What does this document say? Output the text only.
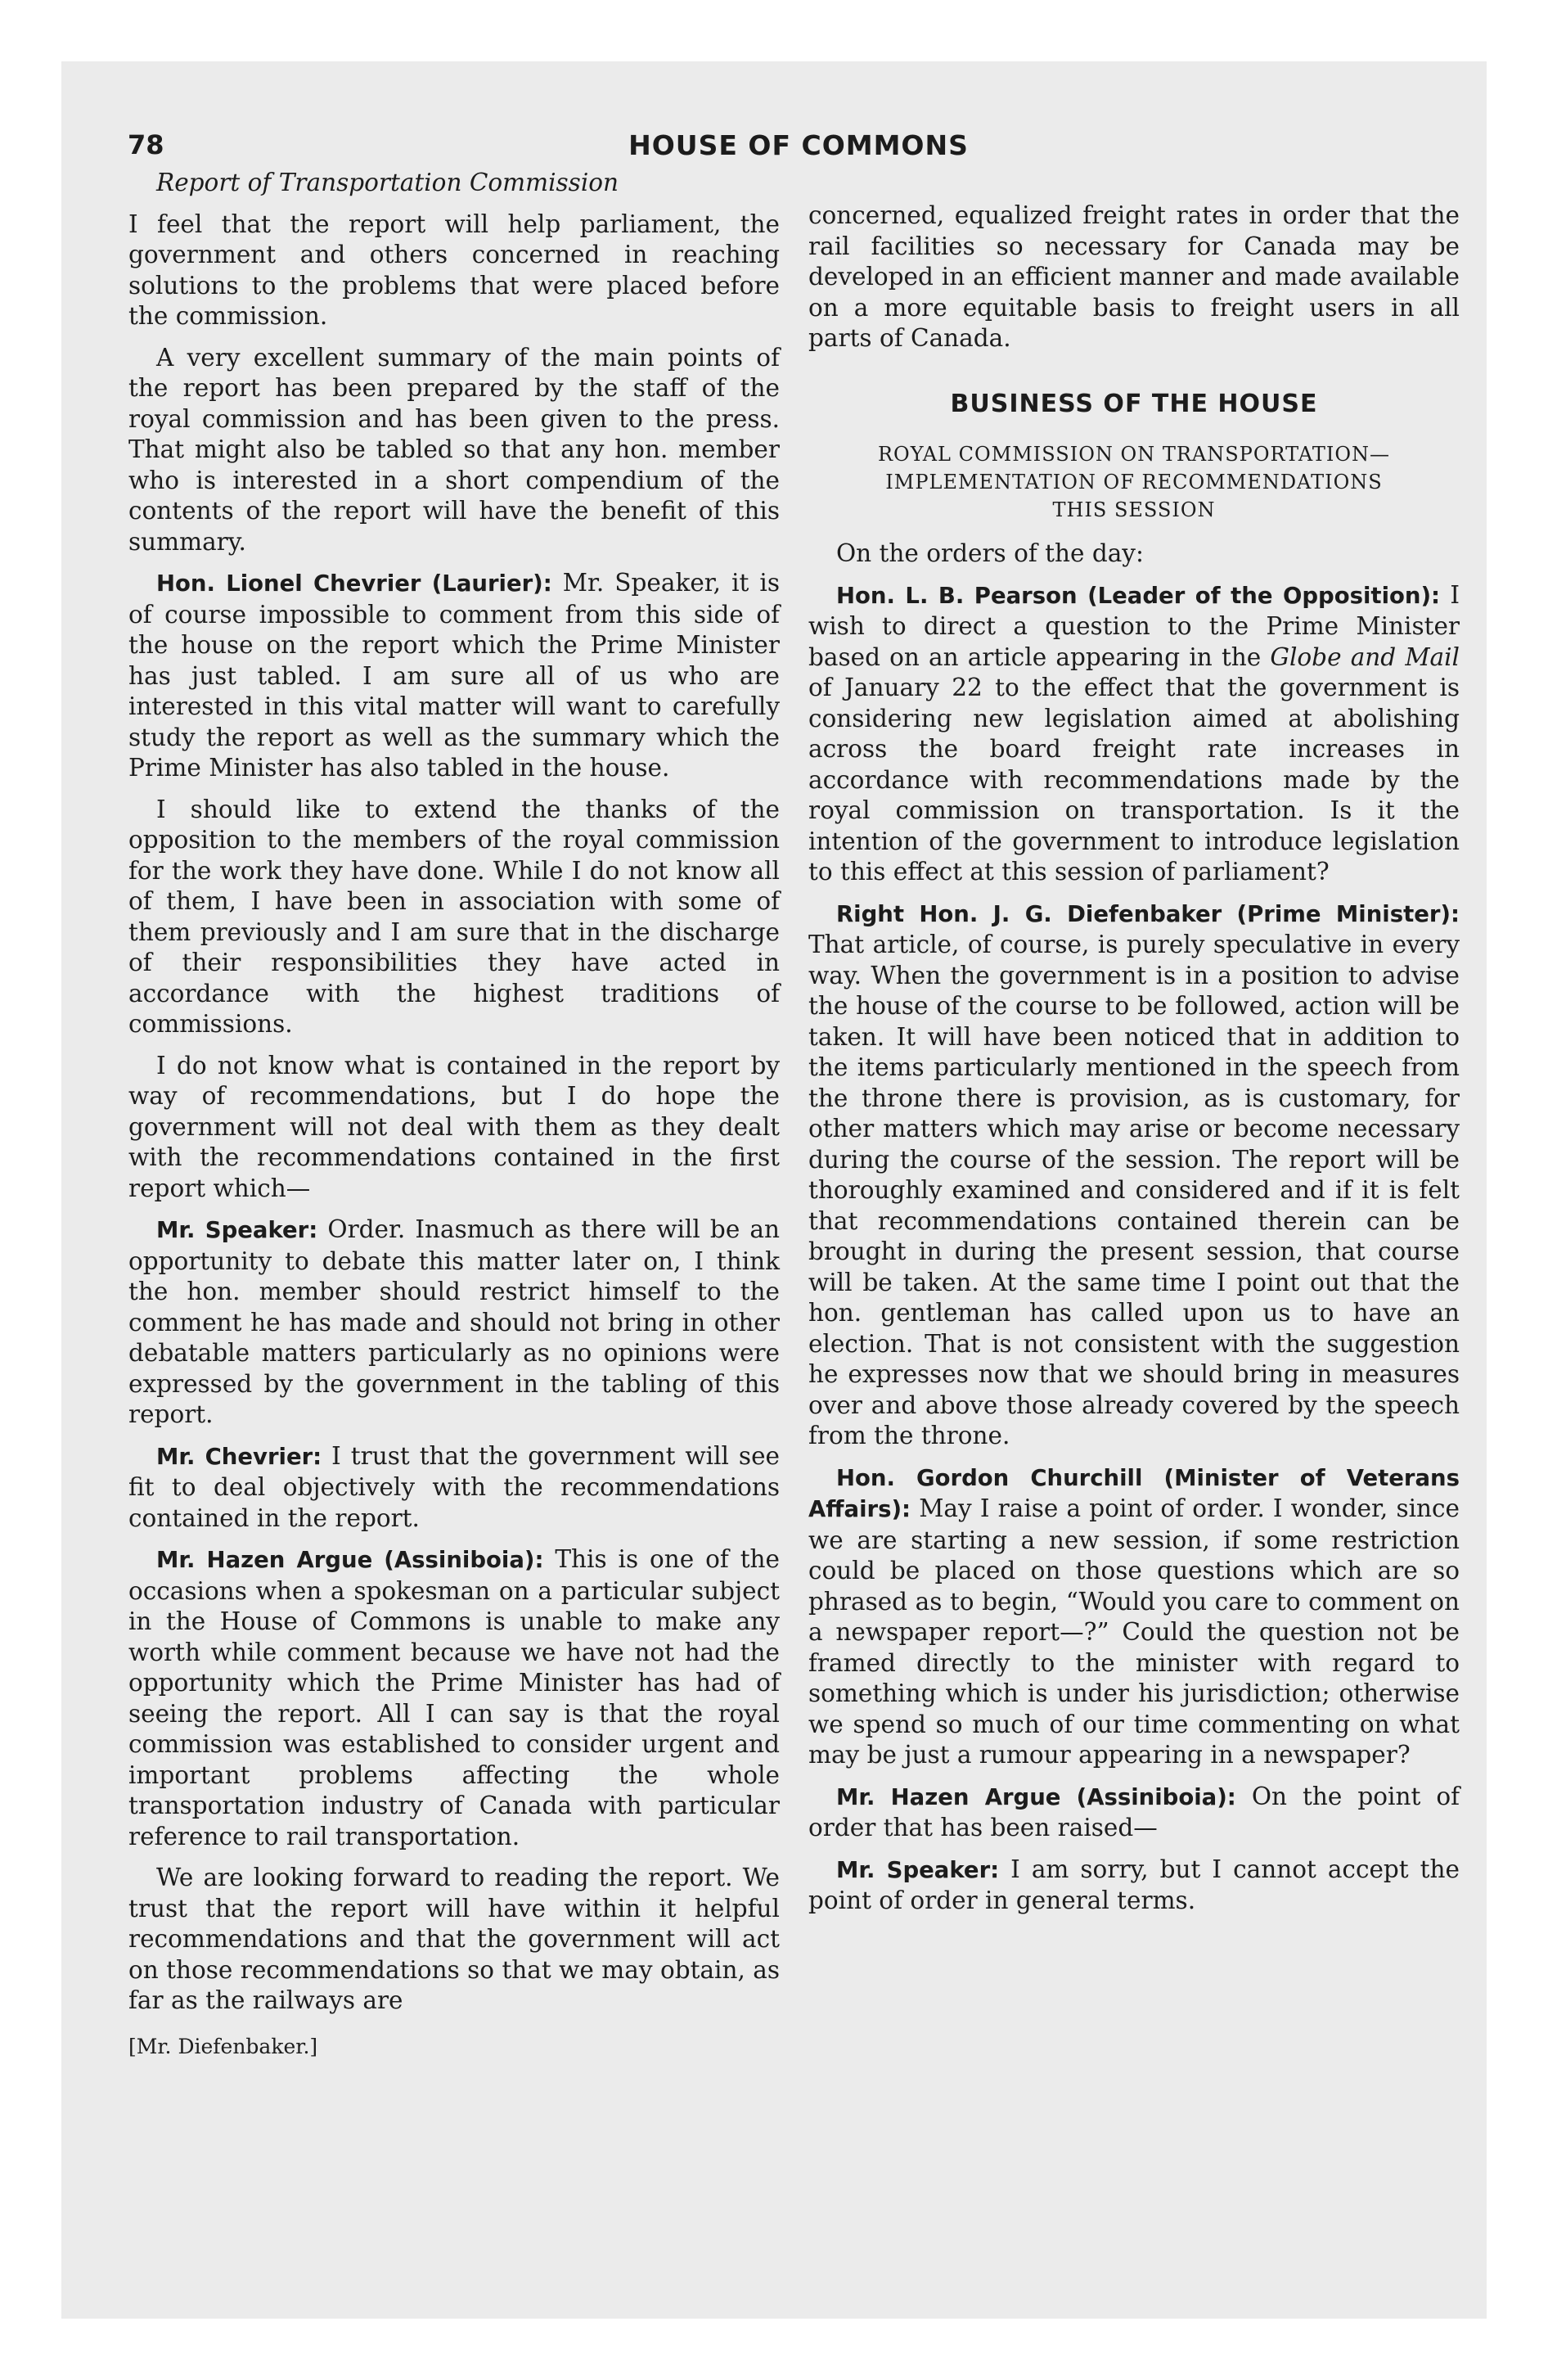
78	HOUSE OF COMMONS

Report of Transportation Commission

I feel that the report will help parliament, the government and others concerned in reaching solutions to the problems that were placed before the commission.

A very excellent summary of the main points of the report has been prepared by the staff of the royal commission and has been given to the press. That might also be tabled so that any hon. member who is interested in a short compendium of the contents of the report will have the benefit of this summary.

Hon. Lionel Chevrier (Laurier): Mr. Speaker, it is of course impossible to comment from this side of the house on the report which the Prime Minister has just tabled. I am sure all of us who are interested in this vital matter will want to carefully study the report as well as the summary which the Prime Minister has also tabled in the house.

I should like to extend the thanks of the opposition to the members of the royal commission for the work they have done. While I do not know all of them, I have been in association with some of them previously and I am sure that in the discharge of their responsibilities they have acted in accordance with the highest traditions of commissions.

I do not know what is contained in the report by way of recommendations, but I do hope the government will not deal with them as they dealt with the recommendations contained in the first report which—

Mr. Speaker: Order. Inasmuch as there will be an opportunity to debate this matter later on, I think the hon. member should restrict himself to the comment he has made and should not bring in other debatable matters particularly as no opinions were expressed by the government in the tabling of this report.

Mr. Chevrier: I trust that the government will see fit to deal objectively with the recommendations contained in the report.

Mr. Hazen Argue (Assiniboia): This is one of the occasions when a spokesman on a particular subject in the House of Commons is unable to make any worth while comment because we have not had the opportunity which the Prime Minister has had of seeing the report. All I can say is that the royal commission was established to consider urgent and important problems affecting the whole transportation industry of Canada with particular reference to rail transportation.

We are looking forward to reading the report. We trust that the report will have within it helpful recommendations and that the government will act on those recommendations so that we may obtain, as far as the railways are

[Mr. Diefenbaker.]

concerned, equalized freight rates in order that the rail facilities so necessary for Canada may be developed in an efficient manner and made available on a more equitable basis to freight users in all parts of Canada.

BUSINESS OF THE HOUSE
ROYAL COMMISSION ON TRANSPORTATION—
IMPLEMENTATION OF RECOMMENDATIONS
THIS SESSION

On the orders of the day:

Hon. L. B. Pearson (Leader of the Opposition): I wish to direct a question to the Prime Minister based on an article appearing in the Globe and Mail of January 22 to the effect that the government is considering new legislation aimed at abolishing across the board freight rate increases in accordance with recommendations made by the royal commission on transportation. Is it the intention of the government to introduce legislation to this effect at this session of parliament?

Right Hon. J. G. Diefenbaker (Prime Minister): That article, of course, is purely speculative in every way. When the government is in a position to advise the house of the course to be followed, action will be taken. It will have been noticed that in addition to the items particularly mentioned in the speech from the throne there is provision, as is customary, for other matters which may arise or become necessary during the course of the session. The report will be thoroughly examined and considered and if it is felt that recommendations contained therein can be brought in during the present session, that course will be taken. At the same time I point out that the hon. gentleman has called upon us to have an election. That is not consistent with the suggestion he expresses now that we should bring in measures over and above those already covered by the speech from the throne.

Hon. Gordon Churchill (Minister of Veterans Affairs): May I raise a point of order. I wonder, since we are starting a new session, if some restriction could be placed on those questions which are so phrased as to begin, “Would you care to comment on a newspaper report—?” Could the question not be framed directly to the minister with regard to something which is under his jurisdiction; otherwise we spend so much of our time commenting on what may be just a rumour appearing in a newspaper?

Mr. Hazen Argue (Assiniboia): On the point of order that has been raised—

Mr. Speaker: I am sorry, but I cannot accept the point of order in general terms.
